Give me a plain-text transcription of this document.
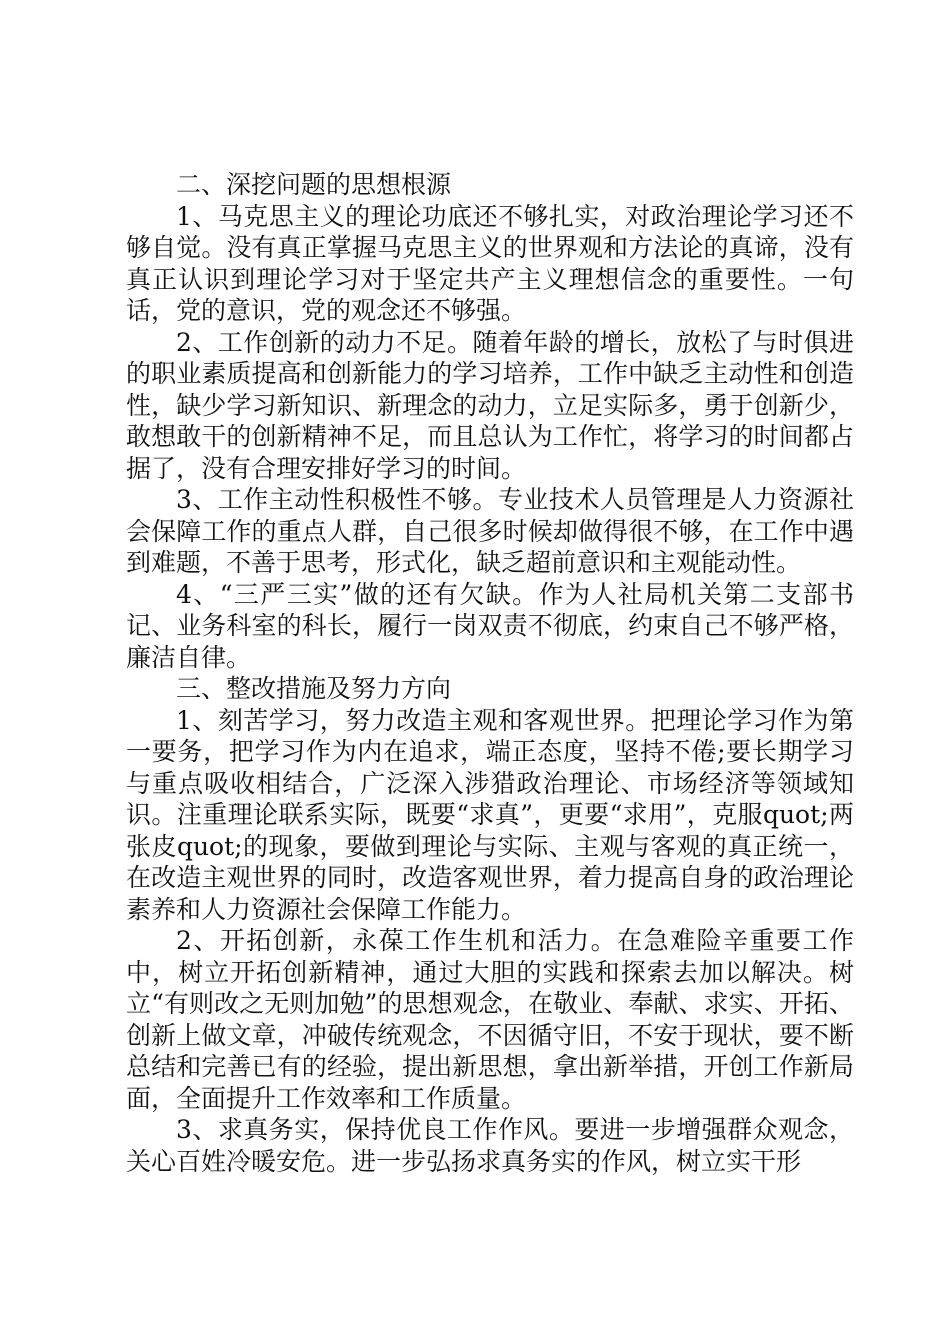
二、深挖问题的思想根源

1、马克思主义的理论功底还不够扎实，对政治理论学习还不够自觉。没有真正掌握马克思主义的世界观和方法论的真谛，没有真正认识到理论学习对于坚定共产主义理想信念的重要性。一句话，党的意识，党的观念还不够强。

2、工作创新的动力不足。随着年龄的增长，放松了与时俱进的职业素质提高和创新能力的学习培养，工作中缺乏主动性和创造性，缺少学习新知识、新理念的动力，立足实际多，勇于创新少，敢想敢干的创新精神不足，而且总认为工作忙，将学习的时间都占据了，没有合理安排好学习的时间。

3、工作主动性积极性不够。专业技术人员管理是人力资源社会保障工作的重点人群，自己很多时候却做得很不够，在工作中遇到难题，不善于思考，形式化，缺乏超前意识和主观能动性。

4、“三严三实”做的还有欠缺。作为人社局机关第二支部书记、业务科室的科长，履行一岗双责不彻底，约束自己不够严格，廉洁自律。

三、整改措施及努力方向

1、刻苦学习，努力改造主观和客观世界。把理论学习作为第一要务，把学习作为内在追求，端正态度，坚持不倦;要长期学习与重点吸收相结合，广泛深入涉猎政治理论、市场经济等领域知识。注重理论联系实际，既要“求真”，更要“求用”，克服quot;两张皮quot;的现象，要做到理论与实际、主观与客观的真正统一，在改造主观世界的同时，改造客观世界，着力提高自身的政治理论素养和人力资源社会保障工作能力。

2、开拓创新，永葆工作生机和活力。在急难险辛重要工作中，树立开拓创新精神，通过大胆的实践和探索去加以解决。树立“有则改之无则加勉”的思想观念，在敬业、奉献、求实、开拓、创新上做文章，冲破传统观念，不因循守旧，不安于现状，要不断总结和完善已有的经验，提出新思想，拿出新举措，开创工作新局面，全面提升工作效率和工作质量。

3、求真务实，保持优良工作作风。要进一步增强群众观念，关心百姓冷暖安危。进一步弘扬求真务实的作风，树立实干形
